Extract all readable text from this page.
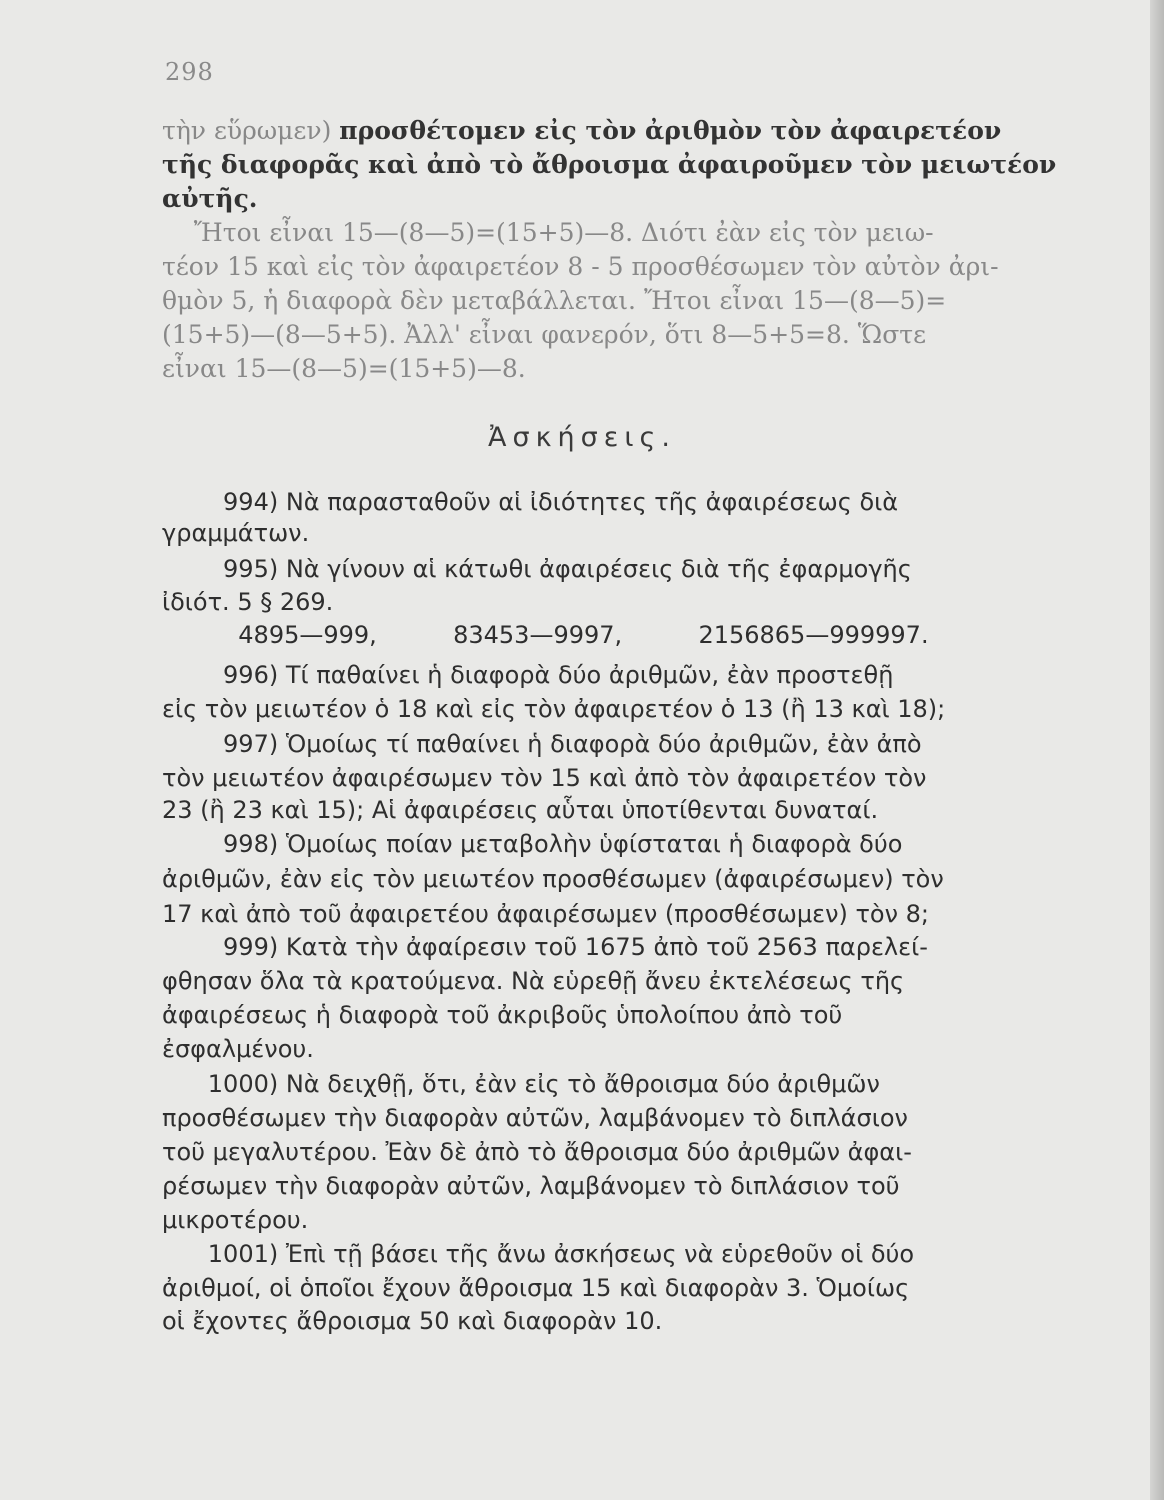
298
τὴν εὕρωμεν) προσθέτομεν εἰς τὸν ἀριθμὸν τὸν ἀφαιρετέον
τῆς διαφορᾶς καὶ ἀπὸ τὸ ἄθροισμα ἀφαιροῦμεν τὸν μειωτέον
αὐτῆς.
Ἤτοι εἶναι 15—(8—5)=(15+5)—8. Διότι ἐὰν εἰς τὸν μειω-
τέον 15 καὶ εἰς τὸν ἀφαιρετέον 8 - 5 προσθέσωμεν τὸν αὐτὸν ἀρι-
θμὸν 5, ἡ διαφορὰ δὲν μεταβάλλεται. Ἤτοι εἶναι 15—(8—5)=
(15+5)—(8—5+5). Ἀλλ' εἶναι φανερόν, ὅτι 8—5+5=8. Ὥστε
εἶναι 15—(8—5)=(15+5)—8.
Ἀσκήσεις.
994) Νὰ παρασταθοῦν αἱ ἰδιότητες τῆς ἀφαιρέσεως διὰ
γραμμάτων.
995) Νὰ γίνουν αἱ κάτωθι ἀφαιρέσεις διὰ τῆς ἐφαρμογῆς
ἰδιότ. 5 § 269.
4895—999,          83453—9997,          2156865—999997.
996) Τί παθαίνει ἡ διαφορὰ δύο ἀριθμῶν, ἐὰν προστεθῇ
εἰς τὸν μειωτέον ὁ 18 καὶ εἰς τὸν ἀφαιρετέον ὁ 13 (ἢ 13 καὶ 18);
997) Ὁμοίως τί παθαίνει ἡ διαφορὰ δύο ἀριθμῶν, ἐὰν ἀπὸ
τὸν μειωτέον ἀφαιρέσωμεν τὸν 15 καὶ ἀπὸ τὸν ἀφαιρετέον τὸν
23 (ἢ 23 καὶ 15); Αἱ ἀφαιρέσεις αὗται ὑποτίθενται δυναταί.
998) Ὁμοίως ποίαν μεταβολὴν ὑφίσταται ἡ διαφορὰ δύο
ἀριθμῶν, ἐὰν εἰς τὸν μειωτέον προσθέσωμεν (ἀφαιρέσωμεν) τὸν
17 καὶ ἀπὸ τοῦ ἀφαιρετέου ἀφαιρέσωμεν (προσθέσωμεν) τὸν 8;
999) Κατὰ τὴν ἀφαίρεσιν τοῦ 1675 ἀπὸ τοῦ 2563 παρελεί-
φθησαν ὅλα τὰ κρατούμενα. Νὰ εὑρεθῇ ἄνευ ἐκτελέσεως τῆς
ἀφαιρέσεως ἡ διαφορὰ τοῦ ἀκριβοῦς ὑπολοίπου ἀπὸ τοῦ
ἐσφαλμένου.
1000) Νὰ δειχθῇ, ὅτι, ἐὰν εἰς τὸ ἄθροισμα δύο ἀριθμῶν
προσθέσωμεν τὴν διαφορὰν αὐτῶν, λαμβάνομεν τὸ διπλάσιον
τοῦ μεγαλυτέρου. Ἐὰν δὲ ἀπὸ τὸ ἄθροισμα δύο ἀριθμῶν ἀφαι-
ρέσωμεν τὴν διαφορὰν αὐτῶν, λαμβάνομεν τὸ διπλάσιον τοῦ
μικροτέρου.
1001) Ἐπὶ τῇ βάσει τῆς ἄνω ἀσκήσεως νὰ εὑρεθοῦν οἱ δύο
ἀριθμοί, οἱ ὁποῖοι ἔχουν ἄθροισμα 15 καὶ διαφορὰν 3. Ὁμοίως
οἱ ἔχοντες ἄθροισμα 50 καὶ διαφορὰν 10.
